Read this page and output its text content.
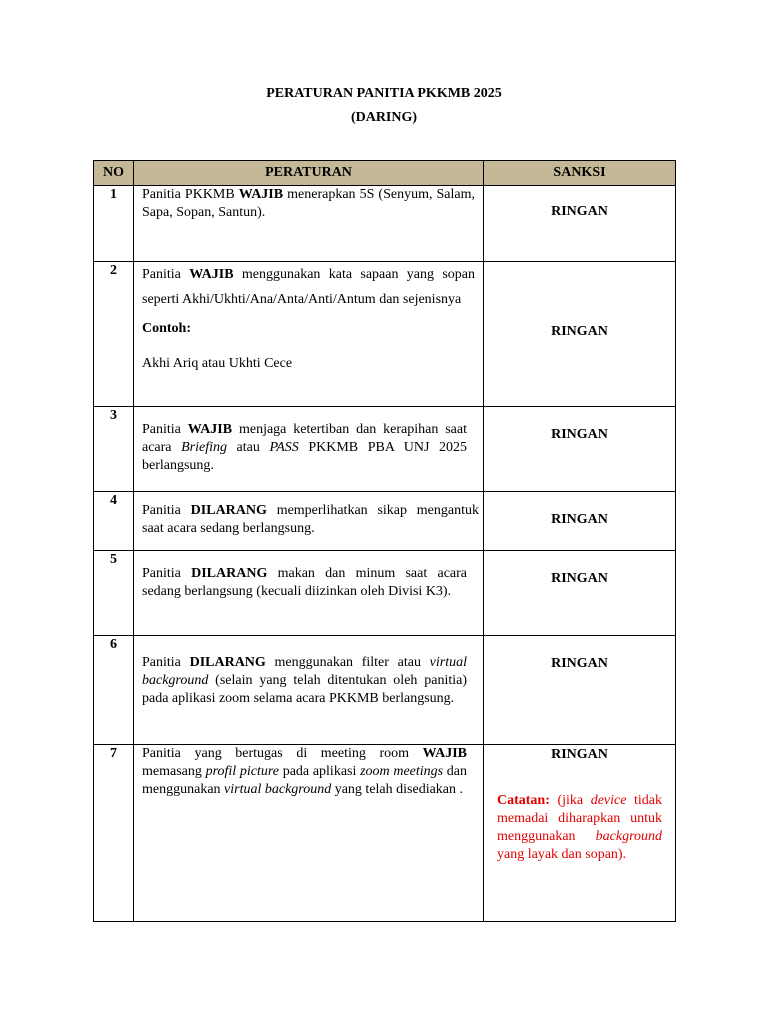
PERATURAN PANITIA PKKMB 2025
(DARING)
NO	PERATURAN	SANKSI
1	Panitia PKKMB WAJIB menerapkan 5S (Senyum, Salam, Sapa, Sopan, Santun).	RINGAN

2	Panitia WAJIB menggunakan kata sapaan yang sopan seperti Akhi/Ukhti/Ana/Anta/Anti/Antum dan sejenisnya
Contoh:
Akhi Ariq atau Ukhti Cece	RINGAN

3	Panitia WAJIB menjaga ketertiban dan kerapihan saat acara Briefing atau PASS PKKMB PBA UNJ 2025 berlangsung.	RINGAN

4	Panitia DILARANG memperlihatkan sikap mengantuk saat acara sedang berlangsung.	RINGAN

5	Panitia DILARANG makan dan minum saat acara sedang berlangsung (kecuali diizinkan oleh Divisi K3).	RINGAN

6	Panitia DILARANG menggunakan filter atau virtual background (selain yang telah ditentukan oleh panitia) pada aplikasi zoom selama acara PKKMB berlangsung.	RINGAN

7	Panitia yang bertugas di meeting room WAJIB memasang profil picture pada aplikasi zoom meetings dan menggunakan virtual background yang telah disediakan .	RINGAN
Catatan: (jika device tidak memadai diharapkan untuk menggunakan background yang layak dan sopan).
